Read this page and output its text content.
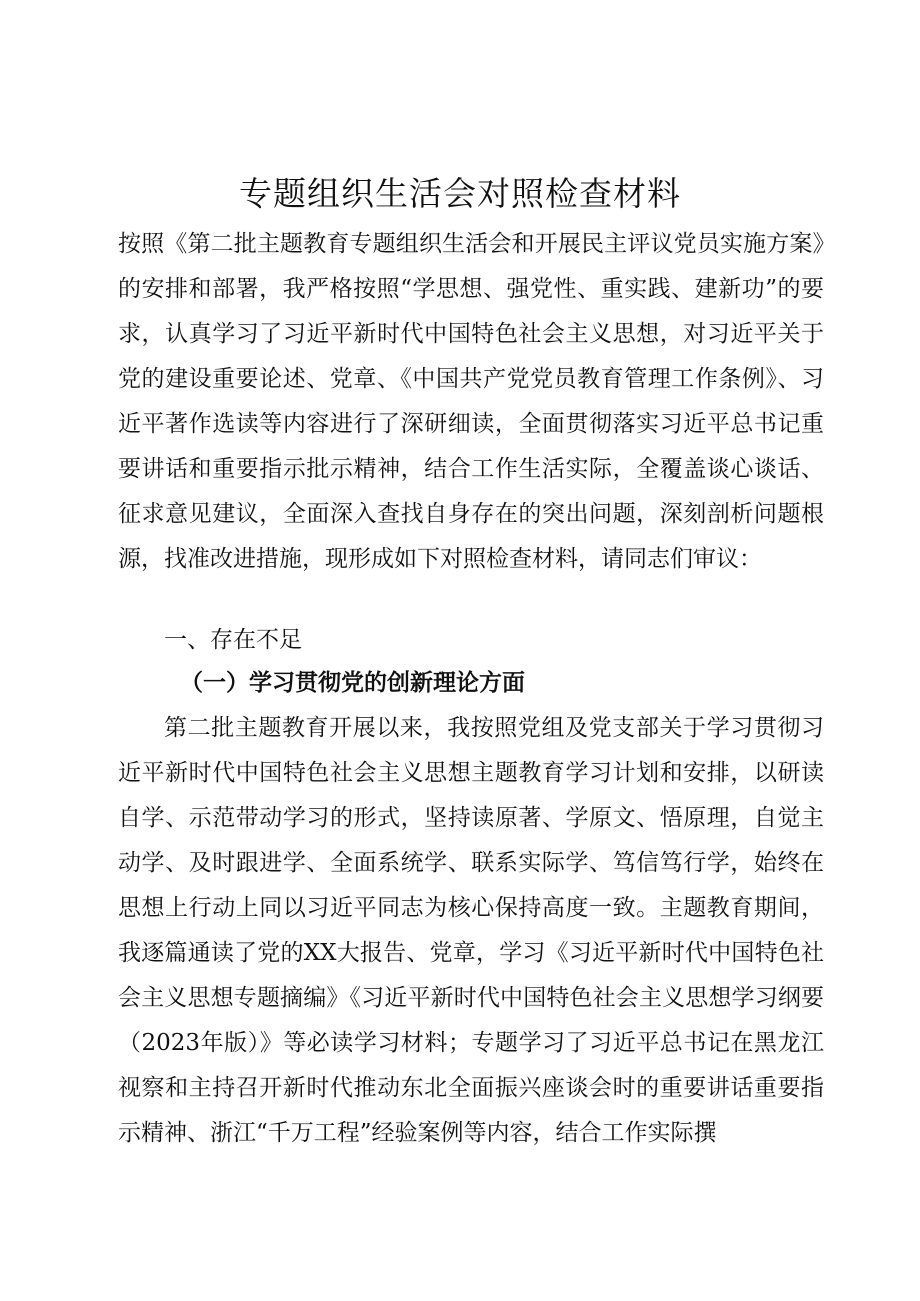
专题组织生活会对照检查材料

按照《第二批主题教育专题组织生活会和开展民主评议党员实施方案》的安排和部署，我严格按照“学思想、强党性、重实践、建新功”的要求，认真学习了习近平新时代中国特色社会主义思想，对习近平关于党的建设重要论述、党章、《中国共产党党员教育管理工作条例》、习近平著作选读等内容进行了深研细读，全面贯彻落实习近平总书记重要讲话和重要指示批示精神，结合工作生活实际，全覆盖谈心谈话、征求意见建议，全面深入查找自身存在的突出问题，深刻剖析问题根源，找准改进措施，现形成如下对照检查材料，请同志们审议：

一、存在不足
（一）学习贯彻党的创新理论方面

第二批主题教育开展以来，我按照党组及党支部关于学习贯彻习近平新时代中国特色社会主义思想主题教育学习计划和安排，以研读自学、示范带动学习的形式，坚持读原著、学原文、悟原理，自觉主动学、及时跟进学、全面系统学、联系实际学、笃信笃行学，始终在思想上行动上同以习近平同志为核心保持高度一致。主题教育期间，我逐篇通读了党的XX大报告、党章，学习《习近平新时代中国特色社会主义思想专题摘编》《习近平新时代中国特色社会主义思想学习纲要（2023年版）》等必读学习材料；专题学习了习近平总书记在黑龙江视察和主持召开新时代推动东北全面振兴座谈会时的重要讲话重要指示精神、浙江“千万工程”经验案例等内容，结合工作实际撰
